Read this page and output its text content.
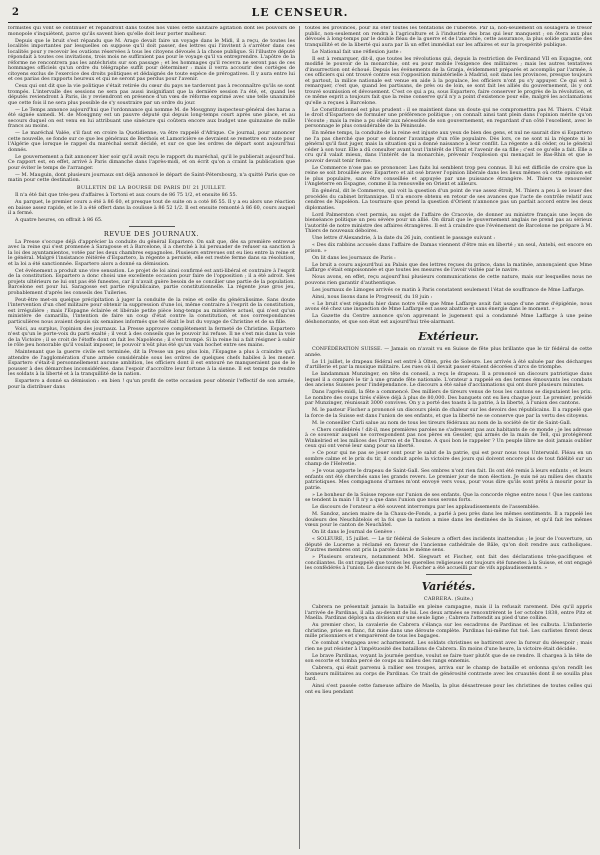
2	LE CENSEUR.

formistes qui vont se continuer et répandront dans toutes nos villes cette salutaire agitation dont les pouvoirs de monopole s'inquiètent, parce qu'ils savent bien qu'elle doit leur porter malheur.

Depuis que le bruit s'est répandu que M. Arago devait faire un voyage dans le Midi, il a reçu, de toutes les localités importantes par lesquelles on suppose qu'il doit passer, des lettres qui l'invitent à s'arrêter dans ces localités pour y recevoir les ovations réservées à tous les citoyens dévoués à la chose publique. Si l'illustre député répondait à toutes ces invitations, trois mois ne suffiraient pas pour le voyage qu'il va entreprendre. L'apôtre de la réforme ne rencontrera pas les antéchrists sur son passage ; et les hommages qu'il recevra ne seront pas de ces hommages officiels qu'un ordre du télégraphe suffit pour déterminer : mais il verra accourir des cortèges de citoyens exclus de l'exercice des droits politiques et dédaignés de toute espèce de prérogatives. Il y aura entre lui et ces parias des rapports heureux et qui ne seront pas perdus pour l'avenir.

Ceux qui ont dit que la vie politique s'était retirée du cœur du pays ne tarderont pas à reconnaître qu'ils se sont trompés. L'intervalle des sessions ne sera pas aussi insignifiant que la dernière session l'a été, et, quand les députés reviendront à Paris, ils y reviendront en présence d'un vœu de réforme exprimé avec une telle unanimité que cette fois il ne sera plus possible de s'y soustraire par un ordre du jour.

— Le Temps annonce aujourd'hui que l'ordonnance qui nomme M. de Mosqgnny inspecteur-général des haras a été signée samedi. M. de Mosqgnny est un pauvre député qui depuis long-temps court après une place, et au secours duquel on est venu en lui attribuant une sinécure qui coûtera encore aux budget une quinzaine de mille francs au moins.

— Le maréchal Valée, s'il faut en croire la Quotidienne, va être rappelé d'Afrique. Ce journal, pour annoncer cette nouvelle, se fonde sur ce que les généraux de Berthois et Lamoricière se devraient se remettre en route pour l'Algérie que lorsque le rappel du maréchal serait décidé, et sur ce que les ordres de départ sont aujourd'hui donnés.

Le gouvernement a fait annoncer hier soir qu'il avait reçu le rapport du maréchal, qu'il le publierait aujourd'hui. Ce rapport est, en effet, arrivé à Paris dimanche dans l'après-midi, et on écrit qu'on a craint la publication que pour éviter le temps de l'arranger.

— M. Mauguin, dont plusieurs journaux ont déjà annoncé le départ de Saint-Pétersbourg, n'a quitté Paris que ce matin pour cette destination.

BULLETIN DE LA BOURSE DE PARIS DU 21 JUILLET.

Il n'a été fait que très-peu d'affaires à Tortoni et aux cours de 86 75 1/2, et ensuite 86 55.

Au parquet, le premier cours a été à 86 60, et presque tout de suite on a coté 86 55. Il y a eu alors une réaction en baisse assez rapide, et le 3 a été offert dans la coulisse à 86 52 1/2. Il est ensuite remonté à 86 60, cours auquel il a fermé.

A quatre heures, on offrait à 86 65.

REVUE DES JOURNAUX.

La Presse s'occupe déjà d'apprécier la conduite du général Espartero. On sait que, dès sa première entrevue avec la reine qui s'est promenée à Saragosse et à Barcelone, il a cherché à lui persuader de refuser sa sanction à la loi des ayuntamientos, votée par les deux chambres espagnoles. Plusieurs entrevues ont eu lieu entre la reine et le général. Malgré l'insistance réitérée d'Espartero, la régente a persisté, elle est restée ferme dans sa résolution, et la loi a été sanctionnée. Espartero alors a donné sa démission.

Cet événement a produit une vive sensation. Le projet de loi ainsi confirmé est anti-libéral et contraire à l'esprit de la constitution. Espartero a donc choisi une excellente occasion pour faire de l'opposition ; il a été adroit. Ses projets ultérieurs ne lui ont pas été funestes, car il n'avait guère besoin de se concilier une partie de la population. Barcelone est pour lui. Saragosse est partie républicaine, partie constitutionnelle. La régente joue gros jeu, probablement d'après les conseils des Tuileries.

Peut-être met-on quelque précipitation à juger la conduite de la reine et celle du généralissime. Sans doute l'intervention d'un chef militaire pour obtenir la suppression d'une loi, même contraire à l'esprit de la constitution, est irrégulière ; mais l'Espagne éclairée et libérale petite pièce long-temps au ministère actuel, qui n'est qu'un ministère de camarilla, l'intention de faire un coup d'état contre la constitution, et nos correspondances particulières nous avaient depuis six semaines informés que tel était le but du voyage de Christine et de sa fille.

Voici, au surplus, l'opinion des journaux. La Presse approuve complètement la fermeté de Christine. Espartero n'est qu'un le porte-voix du parti exalté ; il veut à des conseils que le pouvoir lui refuse. Il ne s'est mis dans la voie de la Victoire ; il se croit de l'étoffe dont on fait les Napoléons ; il s'est trompé. Si la reine lui a fait résigner à subir le rôle peu honorable qu'il voulait imposer, le pouvoir n'eût plus été qu'un vain hochet entre ses mains.

Maintenant que la guerre civile est terminée, dit la Presse un peu plus loin, l'Espagne a plus à craindre qu'à attendre de l'agglomération d'une armée considérable sous les ordres de quelques chefs habiles à les mener. Espartero s'était-il personnellement aucune ambition, les officiers dont il est entouré ne manqueraient pas de le pousser à des démarches inconsidérées, dans l'espoir d'accroître leur fortune à la sienne. Il est temps de rendre les soldats à la liberté et à la tranquillité de la nation.

Espartero a donné sa démission : en bien ! qu'un profit de cette occasion pour obtenir l'effectif de son armée, pour la distribuer dans

toutes les provinces, pour lui ôter toutes les tentations de l'ubéreté. Par là, non-seulement on soulagera le trésor public, non-seulement on rendra à l'agriculture et à l'industrie des bras qui leur manquent ; on ôtera aux plus dévoués à long-temps par le double fléau de la guerre et de l'anarchie, cette assurance, la plus solide garantie des tranquillité et de la liberté qui aura par là un effet immédiat sur les affaires et sur la prospérité publique.

Le National fait une réflexion juste :

Il est à remarquer, dit-il, que toutes les révolutions qui, depuis la restriction de Ferdinand VII en Espagne, ont modifié le pouvoir de la monarchie, ont eu pour mobile l'exigence des militaires ; mais les autres tentatives d'insurrection ont échoué. Depuis les événements de la Granja, évidemment préparés et accomplis par l'armée, à ces officiers qui ont trouvé contre eux l'opposition ministérielle à Madrid, soit dans les provinces, presque toujours et partout, la milice nationale est venue en aide à la populace, les officiers n'ont pu s'y appuyer. Ce qui est à remarquer, c'est que, quand les partisans, de près ou de loin, se sont fait les alliés du gouvernement, ils y ont trouvé soumission et dévouement. C'est ce qui a pu, sous Espartero, faire conserver le progrès de la révolution, et ce même esprit a toujours fait que la reine conserve qu'il n'y a point d'existence pour elle, malgré les acclamations qu'elle a reçues à Barcelone.

Le Constitutionnel est plus prudent : il se maintient dans un doute qui ne compromettra pas M. Thiers. C'était le droit d'Espartero de formuler une préférence politique ; on connaît ainsi tant plein dans l'opinion mérite qu'on l'écoute ; mais la reine a pu obéir aux nécessités de son gouvernement, en regardant d'un côté l'excellent, avec le personnage le plus considérable de la Péninsule.

En même temps, la conduite de la reine est injuste aux yeux de bien des gens, et nul ne saurait dire si Espartero ne l'a pas cherché que pour se donner l'avantage d'un rôle populaire. Dès lors, ce ne sont ni la régente ni le général qu'il faut juger, mais la situation qui a donné naissance à leur conflit. La régente a dû céder, ou le général céder à son tour. Elle a dû consulter avant tout l'intérêt de l'État et l'avenir de sa fille ; c'est ce qu'elle a fait. Elle a cru qu'il valait mieux, dans l'intérêt de la monarchie, prévenir l'explosion qui menaçait le Bas-Rhin et que le pouvoir devait tenir ferme.

Le Commerce n'ose pas se prononcer. Les faits lui semblent trop peu connus. Il lui est difficile de croire que la reine se soit brouillée avec Espartero et ait osé braver l'opinion libérale dans les lieux mêmes où cette opinion est le plus populaire, sans être conseillée et appuyée par une puissance étrangère. M. Thiers va renouveler l'Angleterre en Espagne, comme il la renouvelle en Orient et ailleurs.

En général, dit le Commerce, qui voit la question d'un point de vue assez étroit, M. Thiers a peu à se louer des procédés du cabinet britannique. Il n'a encore obtenu en retour de ses avances que l'acte de contrôle relatif aux cendres de Napoléon. La tournure que prend la question d'Orient n'annonce pas un parfait accord entre les deux diplomaties.

Lord Palmerston s'est permis, au sujet de l'affaire de Cracovie, de donner au ministre français une leçon de bienséance politique un peu sévère pour un allié. On dirait que le gouvernement anglais ne prend pas au sérieux l'autorité de notre ministre des affaires étrangères. Il est à craindre que l'événement de Barcelone ne prépare à M. Thiers de nouveaux déboires.

Une lettre d'Alexandrie, à la date du 26 juin, contient le passage suivant :

« Des dix rabbins accusés dans l'affaire de Damas viennent d'être mis en liberté ; un seul, Antebi, est encore en prison. »

On lit dans les journaux de Paris :

Le bruit a couru aujourd'hui au Palais que des lettres reçues du prince, dans la matinée, annonçaient que Mme Laffarge s'était empoisonnée et que toutes les mesures de l'avoir visitée par le navire.

Nous avons, en effet, reçu aujourd'hui plusieurs communications de cette nature, mais sur lesquelles nous ne pouvons rien garantir d'authentique.

Les journaux de Limoges arrivés ce matin à Paris constatent seulement l'état de souffrance de Mme Laffarge.

Ainsi, nous lisons dans le Progressif, du 18 juin :

« Le bruit s'est répandu hier dans notre ville que Mme Laffarge avait fait usage d'une arme d'épigénie, nous avons été chez une inspection de Mme Laffarge est assez abattue et sans énergie dans le moment. »

La Gazette du Centre annonce qu'on apprenant le jugement qui a condamné Mme Laffarge à une peine déshonorante, et que son état est aujourd'hui très-alarmant.

Extérieur.

CONFÉDÉRATION SUISSE. — Jamais on n'avait vu en Suisse de fête plus brillante que le tir fédéral de cette année.

Le 11 juillet, le drapeau fédéral est entré à Olten, près de Soleure. Les arrivés à été saluée par des décharges d'artillerie et par la musique militaire. Les rues où il devait passer étaient décorées d'arcs de triomphe.

Le landamman Munzinger, en tête du conseil, a reçu le drapeau. Il a prononcé un discours patriotique dans lequel il a comparé le tir à une grande fête nationale. L'orateur a rappelé en des termes émouvants les combats des anciens Suisses pour l'indépendance. Le discours a été salué d'acclamations qui ont duré plusieurs minutes.

Dans l'après-midi, la fête a commencé. Des milliers de tireurs venus de tous les cantons se disputaient les prix. Le nombre des coups tirés s'élève déjà à plus de 80,000. Des banquets ont eu lieu chaque jour. Le premier, présidé par Munzinger, réunissait 3000 convives. On y a porté des toasts à la patrie, à la liberté, à l'union des cantons.

M. le pasteur Fischer a prononcé un discours plein de chaleur sur les devoirs des républicains. Il a rappelé que la force de la Suisse est dans l'union de ses enfants, et que la liberté ne se conserve que par la vertu des citoyens.

M. le conseiller Carli salue au nom de tous les tireurs fédéraux au nom de la société de tir de Saint-Gall.

« Chers confédérés ! dit-il, mes premières paroles ne s'adressent pas aux habitants de ce monde ; je les adresse à ce souvenir auquel ne correspondent pas nos pères en Gessler, qui armés de la main de Tell, qui protégèrent Winkelried et les milices des Furren et de Thoune. A quoi bon le rappeler ? Un peuple libre ne doit jamais oublier ceux qui ont versé leur sang pour sa liberté.

» Ce pour qui ne pas se jouer sont pour le salut de la patrie, qui est pour nous tous Unterwald. Fléau en un sombre calme et le prix du tir, il conduit après la victoire des jours qui doivent encore plus de tout fidélité sur un champ de l'Helvetie.

» Je vous apporte le drapeau de Saint-Gall. Ses ombres n'ont rien fait. Ils ont été remis à leurs enfants ; et leurs enfants ont été cherchés sans les grands revers. Le premier jour de mon élection. Je suis né au milieu des chants patriotiques. Mes compagnons d'armes m'ont envoyé vers vous, pour vous dire qu'ils sont prêts à mourir pour la patrie.

» Le bonheur de la Suisse repose sur l'union de ses enfants. Que la concorde règne entre nous ! Que les cantons se tendent la main ! Il n'y a que dans l'union que nous serons forts.

Le discours de l'orateur a été souvent interrompu par les applaudissements de l'assemblée.

M. Sandoz, ancien maire de la Chaux-de-Fonds, a parlé à peu près dans les mêmes sentiments. Il a rappelé les douleurs des Neuchâtelois et la foi que la nation a mise dans les destinées de la Suisse, et qu'il fait les mêmes vœux pour le canton de Neuchâtel.

On lit dans le Journal de Genève :

« SOLEURE, 15 juillet. — Le tir fédéral de Soleure a offert des incidents inattendus ; le jour de l'ouverture, un député de Lucerne a réclamé en faveur de l'ancienne cathédrale de Bâle, qu'on doit rendre aux catholiques. D'autres membres ont pris la parole dans le même sens.

» Plusieurs orateurs, notamment MM. Siegwart et Fischer, ont fait des déclarations très-pacifiques et conciliantes. Ils ont rappelé que toutes les querelles religieuses ont toujours été funestes à la Suisse, et ont engagé les confédérés à l'union. Le discours de M. Fischer a été accueilli par de vifs applaudissements. »

Variétés.
CABRERA. (Suite.)

Cabrera ne présentait jamais la bataille en pleine campagne, mais il la refusait rarement. Dès qu'il appris l'arrivée de Pardinas, il alla au-devant de lui. Les deux armées se rencontrèrent le 1er octobre 1838, entre Pitz et Maella. Pardinas déploya sa division sur une seule ligne ; Cabrera l'attendit au pied d'une colline.

Au premier choc, la cavalerie de Cabrera s'élança sur les escadrons de Pardinas et les culbuta. L'infanterie christine, prise en flanc, fut mise dans une déroute complète. Pardinas lui-même fut tué. Les carlistes firent deux mille prisonniers et s'emparèrent de tous les bagages.

Ce combat s'engagea avec acharnement. Les soldats christines se battirent avec la fureur du désespoir ; mais rien ne put résister à l'impétuosité des bataillons de Cabrera. En moins d'une heure, la victoire était décidée.

Le brave Pardinas, voyant la journée perdue, voulut se faire tuer plutôt que de se rendre. Il chargea à la tête de son escorte et tomba percé de coups au milieu des rangs ennemis.

Cabrera, qui était parvenu à rallier ses troupes, arriva sur le champ de bataille et ordonna qu'on rendît les honneurs militaires au corps de Pardinas. Ce trait de générosité contraste avec les cruautés dont il se souilla plus tard.

Ainsi s'est passée cette fameuse affaire de Maella, la plus désastreuse pour les christines de toutes celles qui ont eu lieu pendant
